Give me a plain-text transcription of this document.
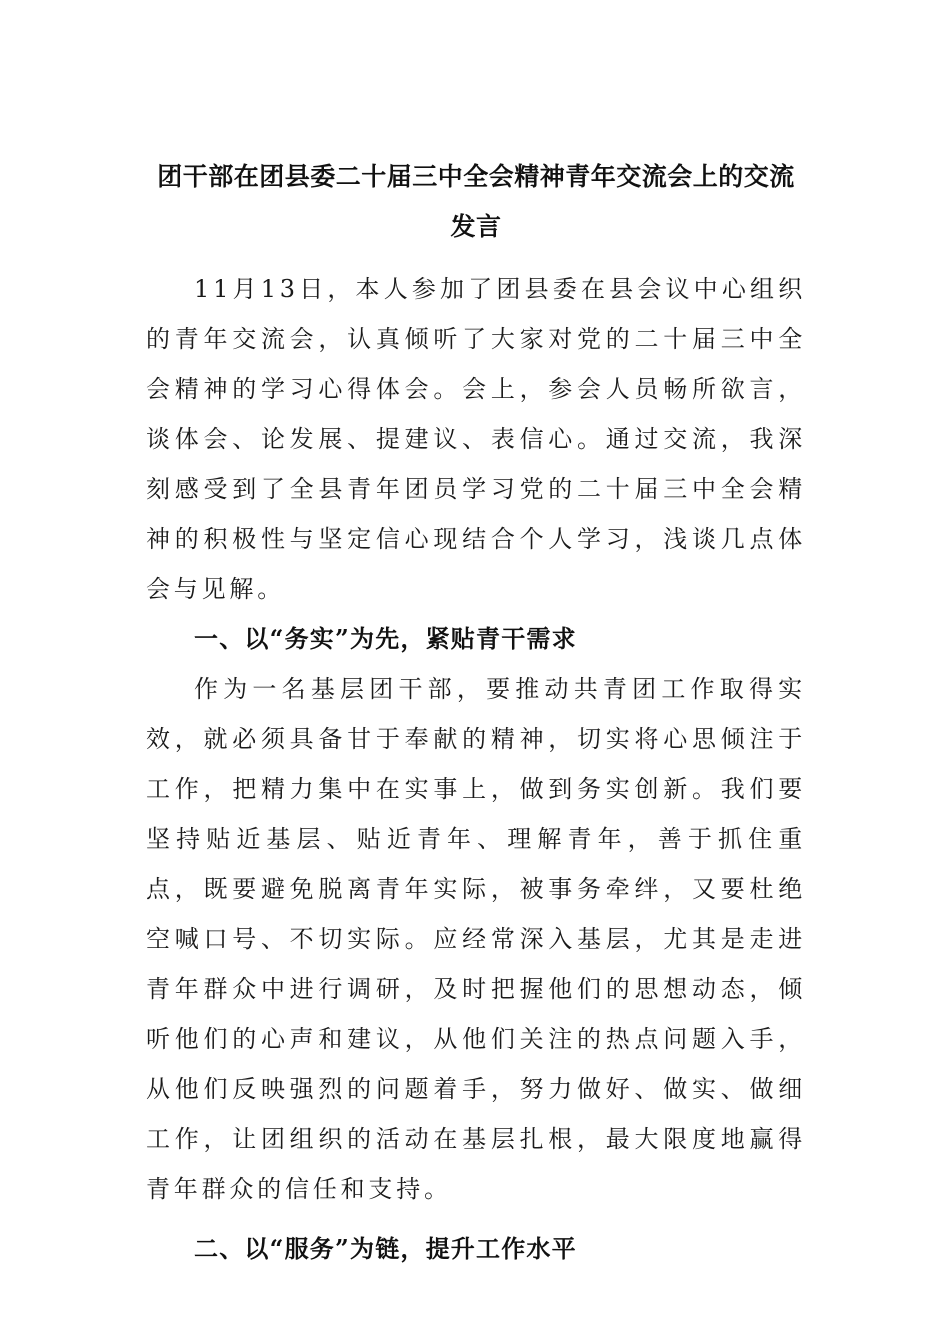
团干部在团县委二十届三中全会精神青年交流会上的交流
发言

11月13日，本人参加了团县委在县会议中心组织的青年交流会，认真倾听了大家对党的二十届三中全会精神的学习心得体会。会上，参会人员畅所欲言，谈体会、论发展、提建议、表信心。通过交流，我深刻感受到了全县青年团员学习党的二十届三中全会精神的积极性与坚定信心现结合个人学习，浅谈几点体会与见解。

一、以“务实”为先，紧贴青干需求

作为一名基层团干部，要推动共青团工作取得实效，就必须具备甘于奉献的精神，切实将心思倾注于工作，把精力集中在实事上，做到务实创新。我们要坚持贴近基层、贴近青年、理解青年，善于抓住重点，既要避免脱离青年实际，被事务牵绊，又要杜绝空喊口号、不切实际。应经常深入基层，尤其是走进青年群众中进行调研，及时把握他们的思想动态，倾听他们的心声和建议，从他们关注的热点问题入手，从他们反映强烈的问题着手，努力做好、做实、做细工作，让团组织的活动在基层扎根，最大限度地赢得青年群众的信任和支持。

二、以“服务”为链，提升工作水平
